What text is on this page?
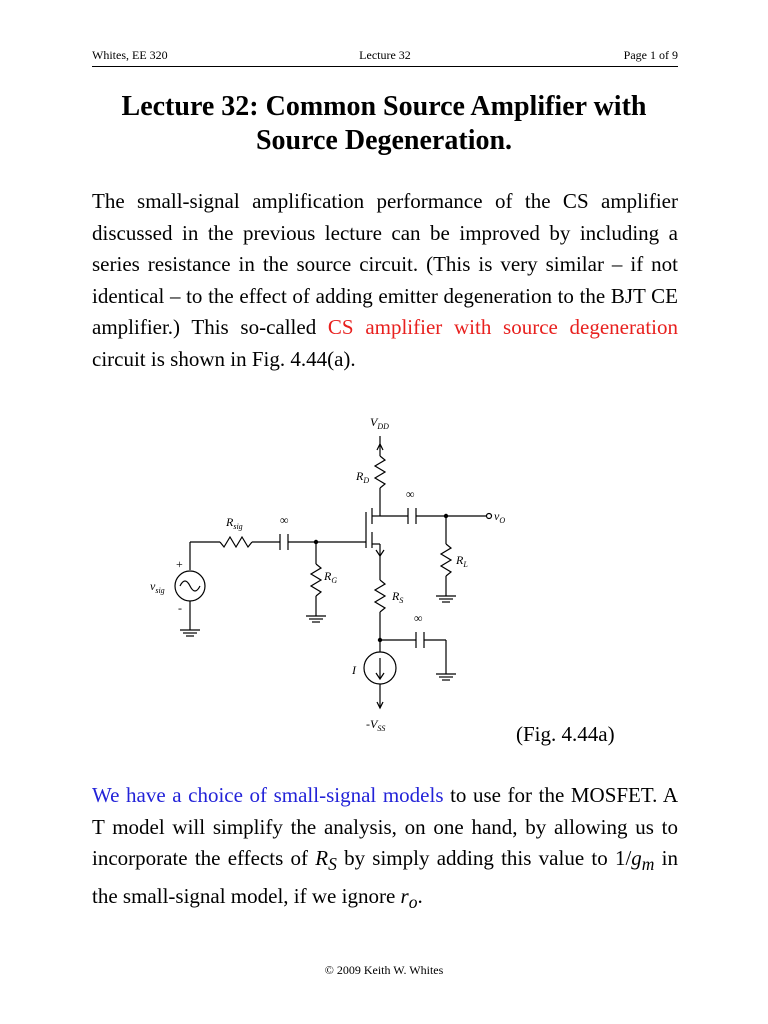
Whites, EE 320	Lecture 32	Page 1 of 9
Lecture 32: Common Source Amplifier with
Source Degeneration.

The small-signal amplification performance of the CS amplifier discussed in the previous lecture can be improved by including a series resistance in the source circuit. (This is very similar – if not identical – to the effect of adding emitter degeneration to the BJT CE amplifier.) This so-called CS amplifier with source degeneration circuit is shown in Fig. 4.44(a).

VDD
RD
∞
vO
RL
∞
Rsig
RG
+
-
vsig	RS
∞
I
-VSS	(Fig. 4.44a)

We have a choice of small-signal models to use for the MOSFET. A T model will simplify the analysis, on one hand, by allowing us to incorporate the effects of $R_S$ by simply adding this value to $1/g_m$ in the small-signal model, if we ignore $r_o$.

© 2009 Keith W. Whites
